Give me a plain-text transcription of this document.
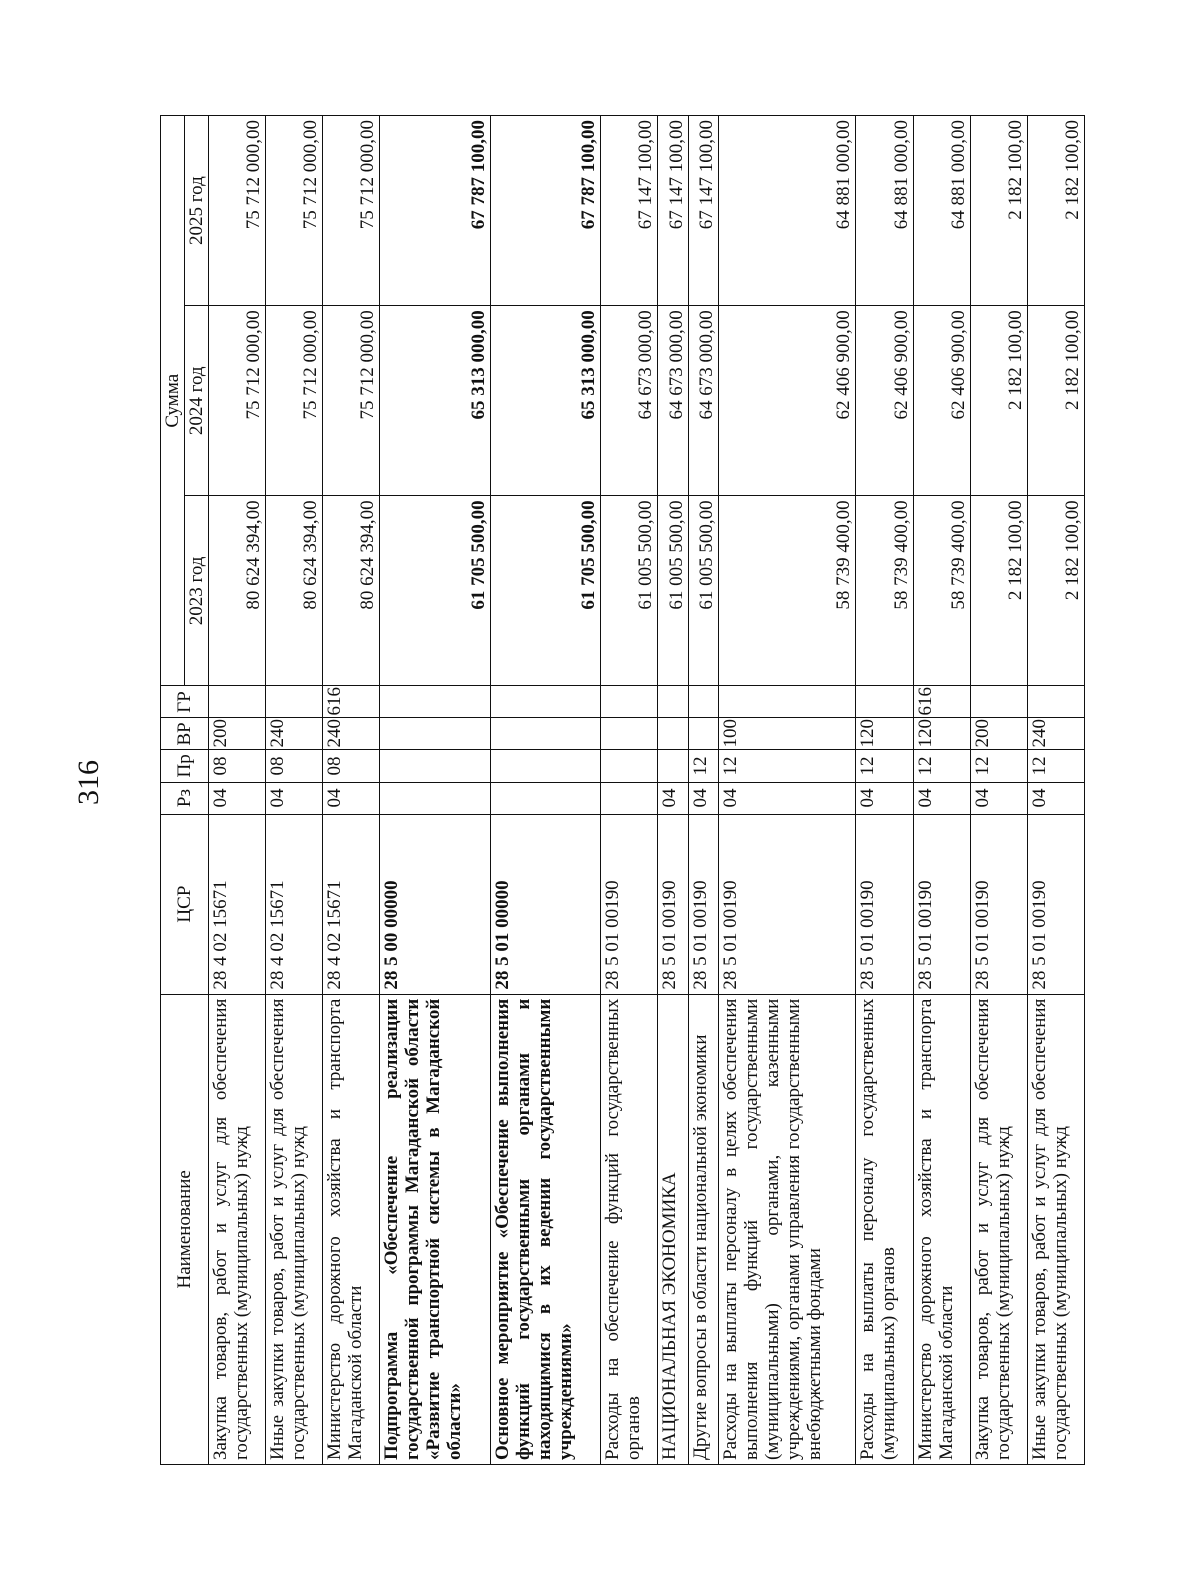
316
Наименование	ЦСР	Рз	Пр	ВР	ГР	Сумма		
						2023 год	2024 год	2025 год
Закупка товаров, работ и услуг для обеспечения государственных (муниципальных) нужд	28 4 02 15671	04	08	200		80 624 394,00	75 712 000,00	75 712 000,00
Иные закупки товаров, работ и услуг для обеспечения государственных (муниципальных) нужд	28 4 02 15671	04	08	240		80 624 394,00	75 712 000,00	75 712 000,00
Министерство дорожного хозяйства и транспорта Магаданской области	28 4 02 15671	04	08	240	616	80 624 394,00	75 712 000,00	75 712 000,00
Подпрограмма «Обеспечение реализации государственной программы Магаданской области «Развитие транспортной системы в Магаданской области»	28 5 00 00000					61 705 500,00	65 313 000,00	67 787 100,00
Основное мероприятие «Обеспечение выполнения функций государственными органами и находящимися в их ведении государственными учреждениями»	28 5 01 00000					61 705 500,00	65 313 000,00	67 787 100,00
Расходы на обеспечение функций государственных органов	28 5 01 00190					61 005 500,00	64 673 000,00	67 147 100,00
НАЦИОНАЛЬНАЯ ЭКОНОМИКА	28 5 01 00190	04				61 005 500,00	64 673 000,00	67 147 100,00
Другие вопросы в области национальной экономики	28 5 01 00190	04	12			61 005 500,00	64 673 000,00	67 147 100,00
Расходы на выплаты персоналу в целях обеспечения выполнения функций государственными (муниципальными) органами, казенными учреждениями, органами управления государственными внебюджетными фондами	28 5 01 00190	04	12	100		58 739 400,00	62 406 900,00	64 881 000,00
Расходы на выплаты персоналу государственных (муниципальных) органов	28 5 01 00190	04	12	120		58 739 400,00	62 406 900,00	64 881 000,00
Министерство дорожного хозяйства и транспорта Магаданской области	28 5 01 00190	04	12	120	616	58 739 400,00	62 406 900,00	64 881 000,00
Закупка товаров, работ и услуг для обеспечения государственных (муниципальных) нужд	28 5 01 00190	04	12	200		2 182 100,00	2 182 100,00	2 182 100,00
Иные закупки товаров, работ и услуг для обеспечения государственных (муниципальных) нужд	28 5 01 00190	04	12	240		2 182 100,00	2 182 100,00	2 182 100,00
